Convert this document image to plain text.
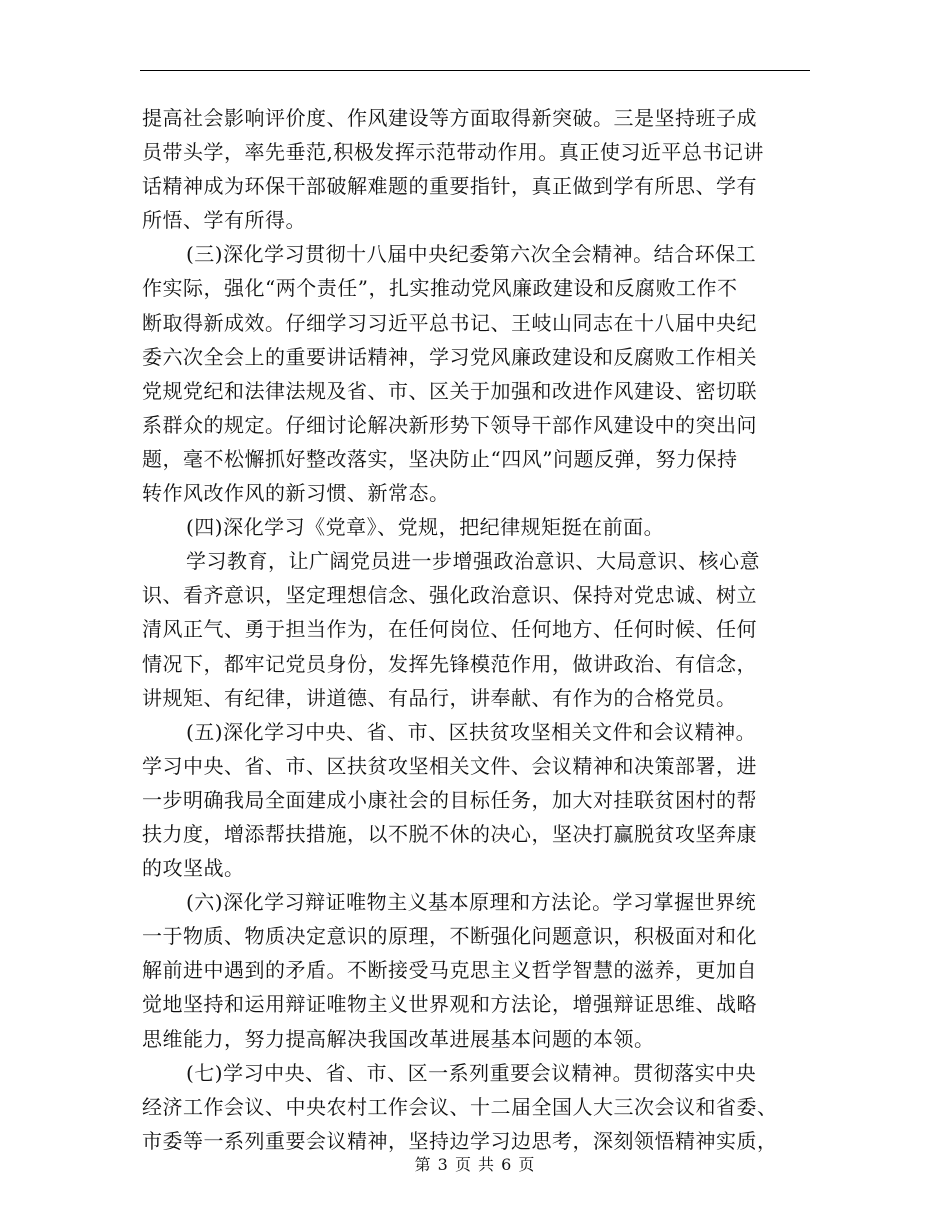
提高社会影响评价度、作风建设等方面取得新突破。三是坚持班子成
员带头学，率先垂范,积极发挥示范带动作用。真正使习近平总书记讲
话精神成为环保干部破解难题的重要指针，真正做到学有所思、学有
所悟、学有所得。
(三)深化学习贯彻十八届中央纪委第六次全会精神。结合环保工
作实际，强化“两个责任”，扎实推动党风廉政建设和反腐败工作不
断取得新成效。仔细学习习近平总书记、王岐山同志在十八届中央纪
委六次全会上的重要讲话精神，学习党风廉政建设和反腐败工作相关
党规党纪和法律法规及省、市、区关于加强和改进作风建设、密切联
系群众的规定。仔细讨论解决新形势下领导干部作风建设中的突出问
题，毫不松懈抓好整改落实，坚决防止“四风”问题反弹，努力保持
转作风改作风的新习惯、新常态。
(四)深化学习《党章》、党规，把纪律规矩挺在前面。
学习教育，让广阔党员进一步增强政治意识、大局意识、核心意
识、看齐意识，坚定理想信念、强化政治意识、保持对党忠诚、树立
清风正气、勇于担当作为，在任何岗位、任何地方、任何时候、任何
情况下，都牢记党员身份，发挥先锋模范作用，做讲政治、有信念，
讲规矩、有纪律，讲道德、有品行，讲奉献、有作为的合格党员。
(五)深化学习中央、省、市、区扶贫攻坚相关文件和会议精神。
学习中央、省、市、区扶贫攻坚相关文件、会议精神和决策部署，进
一步明确我局全面建成小康社会的目标任务，加大对挂联贫困村的帮
扶力度，增添帮扶措施，以不脱不休的决心，坚决打赢脱贫攻坚奔康
的攻坚战。
(六)深化学习辩证唯物主义基本原理和方法论。学习掌握世界统
一于物质、物质决定意识的原理，不断强化问题意识，积极面对和化
解前进中遇到的矛盾。不断接受马克思主义哲学智慧的滋养，更加自
觉地坚持和运用辩证唯物主义世界观和方法论，增强辩证思维、战略
思维能力，努力提高解决我国改革进展基本问题的本领。
(七)学习中央、省、市、区一系列重要会议精神。贯彻落实中央
经济工作会议、中央农村工作会议、十二届全国人大三次会议和省委、
市委等一系列重要会议精神，坚持边学习边思考，深刻领悟精神实质，
第 3 页 共 6 页
